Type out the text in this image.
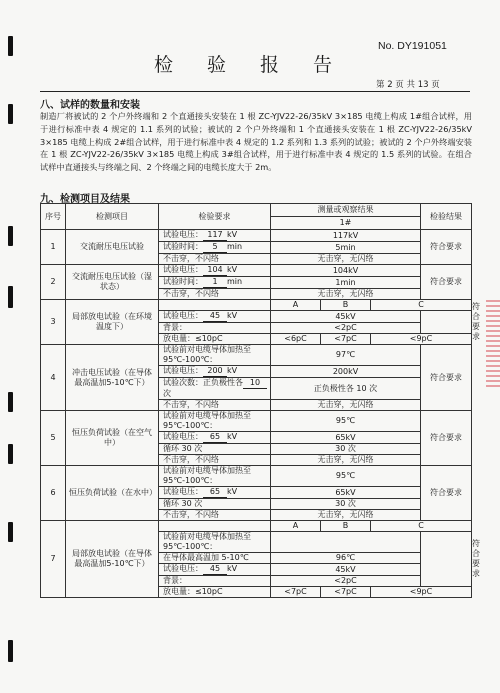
No. DY191051
检 验 报 告
第 2 页 共 13 页
八、试样的数量和安装
制造厂将被试的 2 个户外终端和 2 个直通接头安装在 1 根 ZC-YJV22-26/35kV 3×185 电缆上构成 1#组合试样，用于进行标准中表 4 规定的 1.1 系列的试验；被试的 2 个户外终端和 1 个直通接头安装在 1 根 ZC-YJV22-26/35kV 3×185 电缆上构成 2#组合试样，用于进行标准中表 4 规定的 1.2 系列和 1.3 系列的试验；被试的 2 个户外终端安装在 1 根 ZC-YJV22-26/35kV 3×185 电缆上构成 3#组合试样，用于进行标准中表 4 规定的 1.5 系列的试验。在组合试样中直通接头与终端之间、2 个终端之间的电缆长度大于 2m。
九、检测项目及结果
序号	检测项目	检验要求	测量或观察结果			检验结果	
			1#				
1	交流耐压电压试验	试验电压： 117 kV	117kV			符合要求	
		试验时间： 5 min	5min				
		不击穿，不闪络	无击穿，无闪络				
2	交流耐压电压试验（湿状态）	试验电压： 104 kV	104kV			符合要求	
		试验时间： 1 min	1min				
		不击穿，不闪络	无击穿，无闪络				
3	局部放电试验（在环境温度下）		A	B	C		符合要求
		试验电压： 45 kV	45kV				
		背景：	<2pC				
		放电量：≤10pC	<6pC	<7pC	<9pC		
4	冲击电压试验（在导体最高温加5-10℃下）	试验前对电缆导体加热至 95℃-100℃：	97℃			符合要求	
		试验电压： 200 kV	200kV				
		试验次数：正负极性各 10次	正负极性各 10 次				
		不击穿，不闪络	无击穿，无闪络				
5	恒压负荷试验（在空气中）	试验前对电缆导体加热至 95℃-100℃：	95℃			符合要求	
		试验电压： 65 kV	65kV				
		循环 30 次	30 次				
		不击穿，不闪络	无击穿，无闪络				
6	恒压负荷试验（在水中）	试验前对电缆导体加热至 95℃-100℃：	95℃			符合要求	
		试验电压： 65 kV	65kV				
		循环 30 次	30 次				
		不击穿，不闪络	无击穿，无闪络				
7	局部放电试验（在导体最高温加5-10℃下）		A	B	C		符合要求
		试验前对电缆导体加热至 95℃-100℃：					
		在导体最高温加 5-10℃	96℃				
		试验电压： 45 kV	45kV				
		背景：	<2pC				
		放电量：≤10pC	<7pC	<7pC	<9pC		
